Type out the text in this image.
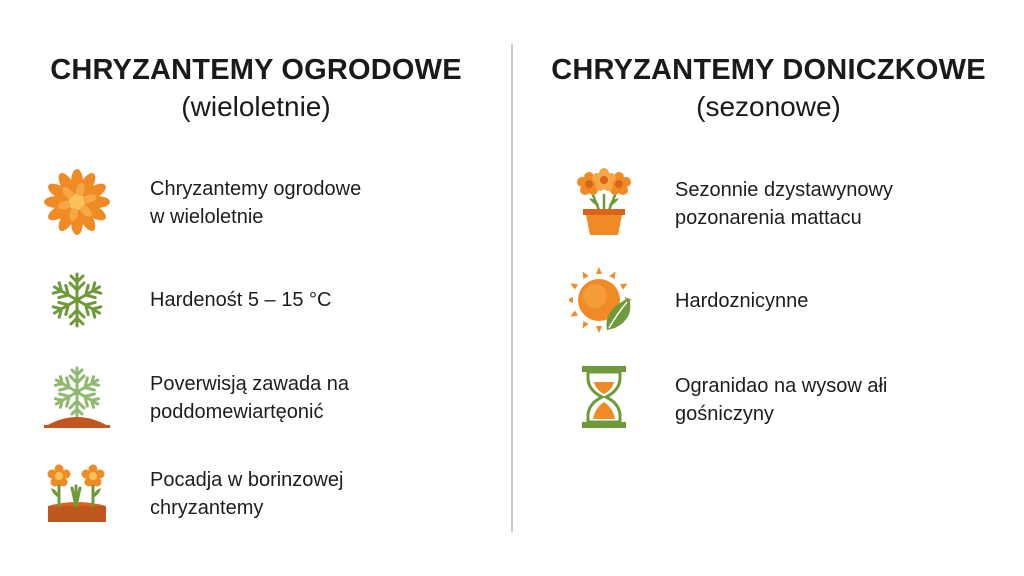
CHRYZANTEMY OGRODOWE
(wieloletnie)
Chryzantemy ogrodowe
w wieloletnie
Hardenośt 5 – 15 °C
Poverwisją zawada na
poddomewiartęonić
Pocadja w borinzowej
chryzantemy
CHRYZANTEMY DONICZKOWE
(sezonowe)
Sezonnie dzystawynowy
pozonarenia mattacu
Hardoznicynne
Ogranidao na wysow ałi
gośniczyny
